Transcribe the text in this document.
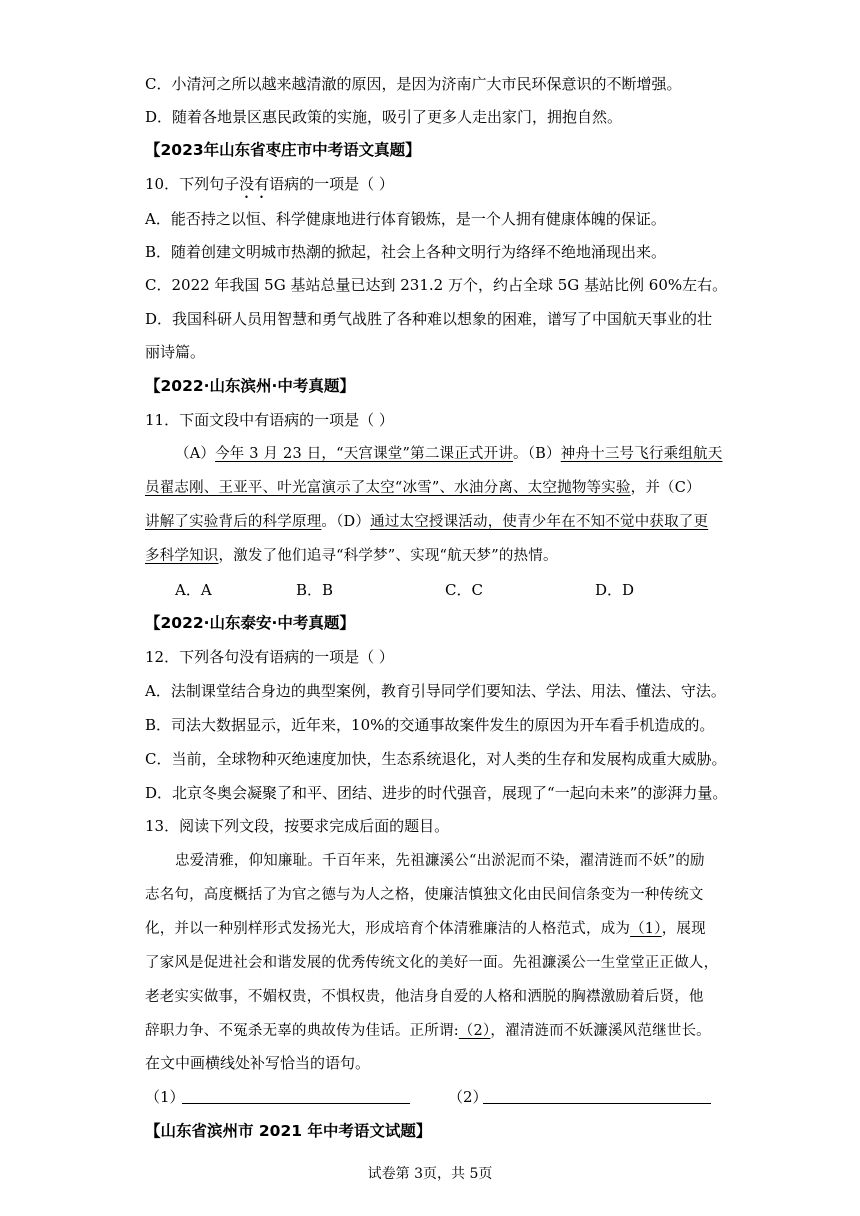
C．小清河之所以越来越清澈的原因，是因为济南广大市民环保意识的不断增强。
D．随着各地景区惠民政策的实施，吸引了更多人走出家门，拥抱自然。
【2023年山东省枣庄市中考语文真题】
10．下列句子没有语病的一项是（ ）
A．能否持之以恒、科学健康地进行体育锻炼，是一个人拥有健康体魄的保证。
B．随着创建文明城市热潮的掀起，社会上各种文明行为络绎不绝地涌现出来。
C．2022 年我国 5G 基站总量已达到 231.2 万个，约占全球 5G 基站比例 60%左右。
D．我国科研人员用智慧和勇气战胜了各种难以想象的困难，谱写了中国航天事业的壮
丽诗篇。
【2022·山东滨州·中考真题】
11．下面文段中有语病的一项是（ ）
（A）今年 3 月 23 日，“天宫课堂”第二课正式开讲。（B）神舟十三号飞行乘组航天
员翟志刚、王亚平、叶光富演示了太空“冰雪”、水油分离、太空抛物等实验，并（C）
讲解了实验背后的科学原理。（D）通过太空授课活动，使青少年在不知不觉中获取了更
多科学知识，激发了他们追寻“科学梦”、实现“航天梦”的热情。
A．A	B．B	C．C	D．D
【2022·山东泰安·中考真题】
12．下列各句没有语病的一项是（ ）
A．法制课堂结合身边的典型案例，教育引导同学们要知法、学法、用法、懂法、守法。
B．司法大数据显示，近年来，10%的交通事故案件发生的原因为开车看手机造成的。
C．当前，全球物种灭绝速度加快，生态系统退化，对人类的生存和发展构成重大威胁。
D．北京冬奥会凝聚了和平、团结、进步的时代强音，展现了“一起向未来”的澎湃力量。
13．阅读下列文段，按要求完成后面的题目。
忠爱清雅，仰知廉耻。千百年来，先祖濂溪公“出淤泥而不染，濯清涟而不妖”的励
志名句，高度概括了为官之德与为人之格，使廉洁慎独文化由民间信条变为一种传统文
化，并以一种别样形式发扬光大，形成培育个体清雅廉洁的人格范式，成为（1），展现
了家风是促进社会和谐发展的优秀传统文化的美好一面。先祖濂溪公一生堂堂正正做人，
老老实实做事，不媚权贵，不惧权贵，他洁身自爱的人格和洒脱的胸襟激励着后贤，他
辞职力争、不冤杀无辜的典故传为佳话。正所谓:（2），濯清涟而不妖濂溪风范继世长。
在文中画横线处补写恰当的语句。
（1）	（2）
【山东省滨州市 2021 年中考语文试题】
试卷第 3页，共 5页
